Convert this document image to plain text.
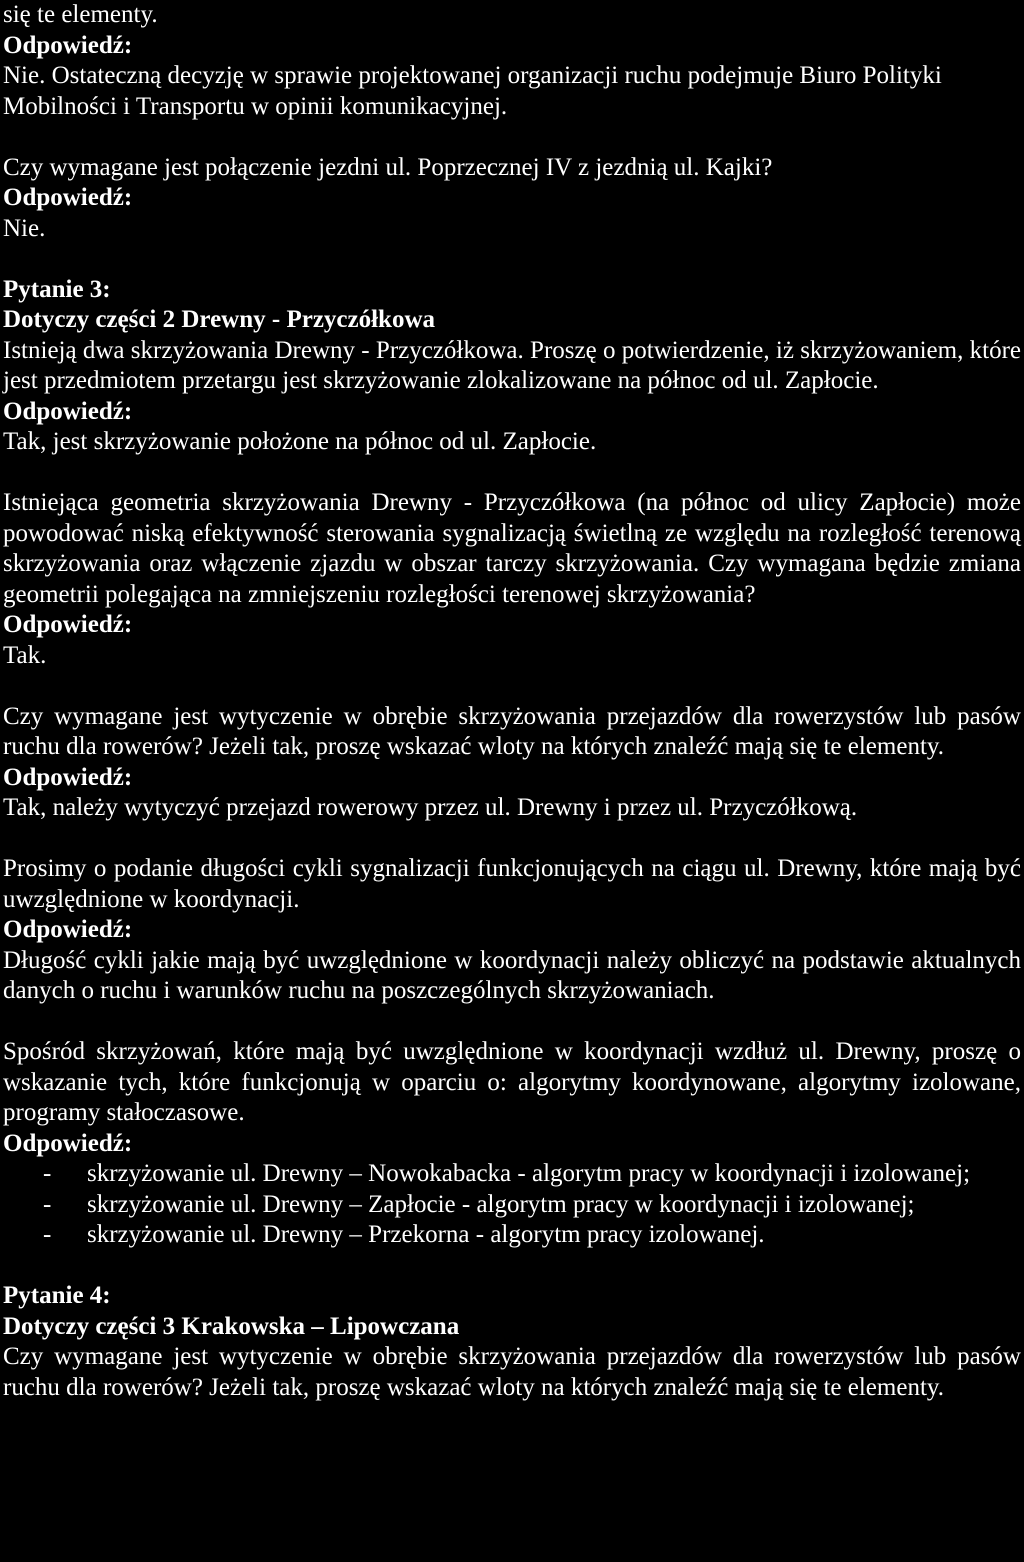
się te elementy.

Odpowiedź:

Nie. Ostateczną decyzję w sprawie projektowanej organizacji ruchu podejmuje Biuro Polityki Mobilności i Transportu w opinii komunikacyjnej.

Czy wymagane jest połączenie jezdni ul. Poprzecznej IV z jezdnią ul. Kajki?

Odpowiedź:

Nie.

Pytanie 3:

Dotyczy części 2 Drewny - Przyczółkowa

Istnieją dwa skrzyżowania Drewny - Przyczółkowa. Proszę o potwierdzenie, iż skrzyżowaniem, które jest przedmiotem przetargu jest skrzyżowanie zlokalizowane na północ od ul. Zapłocie.

Odpowiedź:

Tak, jest skrzyżowanie położone na północ od ul. Zapłocie.

Istniejąca geometria skrzyżowania Drewny - Przyczółkowa (na północ od ulicy Zapłocie) może powodować niską efektywność sterowania sygnalizacją świetlną ze względu na rozległość terenową skrzyżowania oraz włączenie zjazdu w obszar tarczy skrzyżowania. Czy wymagana będzie zmiana geometrii polegająca na zmniejszeniu rozległości terenowej skrzyżowania?

Odpowiedź:

Tak.

Czy wymagane jest wytyczenie w obrębie skrzyżowania przejazdów dla rowerzystów lub pasów ruchu dla rowerów? Jeżeli tak, proszę wskazać wloty na których znaleźć mają się te elementy.

Odpowiedź:

Tak, należy wytyczyć przejazd rowerowy przez ul. Drewny i przez ul. Przyczółkową.

Prosimy o podanie długości cykli sygnalizacji funkcjonujących na ciągu ul. Drewny, które mają być uwzględnione w koordynacji.

Odpowiedź:

Długość cykli jakie mają być uwzględnione w koordynacji należy obliczyć na podstawie aktualnych danych o ruchu i warunków ruchu na poszczególnych skrzyżowaniach.

Spośród skrzyżowań, które mają być uwzględnione w koordynacji wzdłuż ul. Drewny, proszę o wskazanie tych, które funkcjonują w oparciu o: algorytmy koordynowane, algorytmy izolowane, programy stałoczasowe.

Odpowiedź:

- skrzyżowanie ul. Drewny – Nowokabacka - algorytm pracy w koordynacji i izolowanej;
- skrzyżowanie ul. Drewny – Zapłocie - algorytm pracy w koordynacji i izolowanej;
- skrzyżowanie ul. Drewny – Przekorna - algorytm pracy izolowanej.

Pytanie 4:

Dotyczy części 3 Krakowska – Lipowczana

Czy wymagane jest wytyczenie w obrębie skrzyżowania przejazdów dla rowerzystów lub pasów ruchu dla rowerów? Jeżeli tak, proszę wskazać wloty na których znaleźć mają się te elementy.
